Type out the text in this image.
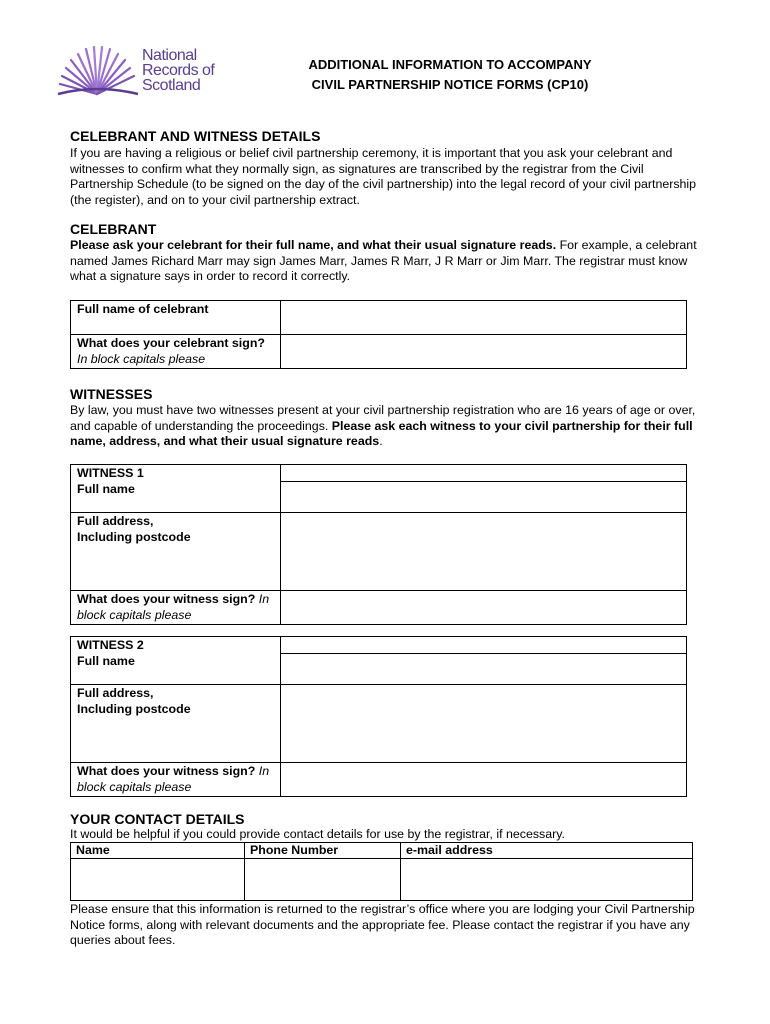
National
Records of
Scotland
ADDITIONAL INFORMATION TO ACCOMPANY
CIVIL PARTNERSHIP NOTICE FORMS (CP10)
CELEBRANT AND WITNESS DETAILS
If you are having a religious or belief civil partnership ceremony, it is important that you ask your celebrant and witnesses to confirm what they normally sign, as signatures are transcribed by the registrar from the Civil Partnership Schedule (to be signed on the day of the civil partnership) into the legal record of your civil partnership (the register), and on to your civil partnership extract.
CELEBRANT
Please ask your celebrant for their full name, and what their usual signature reads. For example, a celebrant named James Richard Marr may sign James Marr, James R Marr, J R Marr or Jim Marr. The registrar must know what a signature says in order to record it correctly.
Full name of celebrant	
What does your celebrant sign? In block capitals please	
WITNESSES
By law, you must have two witnesses present at your civil partnership registration who are 16 years of age or over, and capable of understanding the proceedings. Please ask each witness to your civil partnership for their full name, address, and what their usual signature reads.
WITNESS 1
Full name	

Full address,
Including postcode	

What does your witness sign? In block capitals please	
WITNESS 2
Full name	

Full address,
Including postcode	

What does your witness sign? In block capitals please	
YOUR CONTACT DETAILS
It would be helpful if you could provide contact details for use by the registrar, if necessary.
Name	Phone Number	e-mail address

Please ensure that this information is returned to the registrar’s office where you are lodging your Civil Partnership Notice forms, along with relevant documents and the appropriate fee. Please contact the registrar if you have any queries about fees.
